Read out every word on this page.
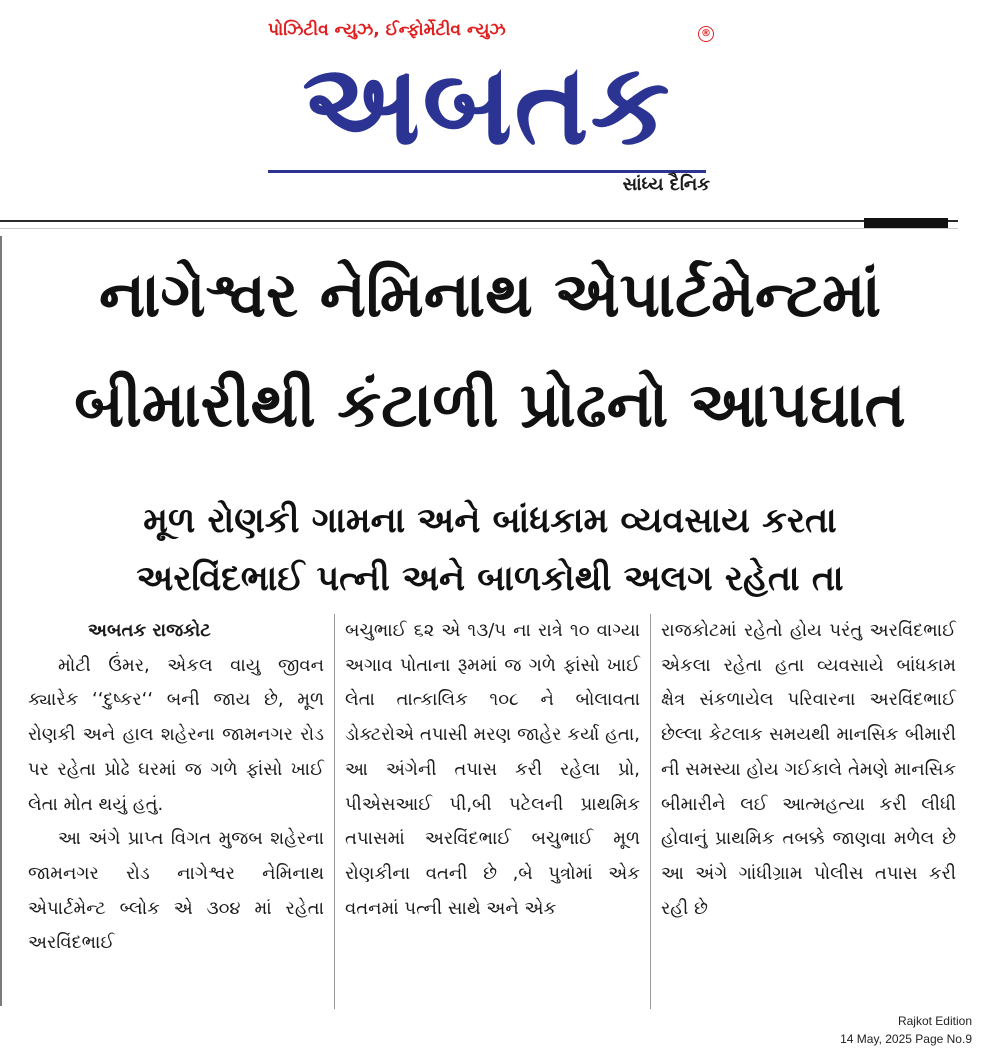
પોઝિટીવ ન્યુઝ, ઈન્ફોર્મેટીવ ન્યુઝ	®
અબતક
સાંધ્ય દૈનિક
નાગેશ્વર નેમિનાથ એપાર્ટમેન્ટમાં
બીમારીથી કંટાળી પ્રોઢનો આપઘાત
મૂળ રોણકી ગામના અને બાંધકામ વ્યવસાય કરતા
અરવિંદભાઈ પત્ની અને બાળકોથી અલગ રહેતા તા

અબતક રાજકોટ

મોટી ઉંમર, એકલ વાયુ જીવન ક્યારેક ‘‘દુષ્કર‘‘ બની જાય છે, મૂળ રોણકી અને હાલ શહેરના જામનગર રોડ પર રહેતા પ્રોઢે ઘરમાં જ ગળે ફાંસો ખાઈ લેતા મોત થયું હતું.

આ અંગે પ્રાપ્ત વિગત મુજબ શહેરના જામનગર રોડ નાગેશ્વર નેમિનાથ એપાર્ટમેન્ટ બ્લોક એ ૩૦૪ માં રહેતા અરવિંદભાઈ

બચુભાઈ ૬૨ એ ૧૩/૫ ના રાત્રે ૧૦ વાગ્યા અગાવ પોતાના રૂમમાં જ ગળે ફાંસો ખાઈ લેતા તાત્કાલિક ૧૦૮ ને બોલાવતા ડોક્ટરોએ તપાસી મરણ જાહેર કર્યા હતા, આ અંગેની તપાસ કરી રહેલા પ્રો, પીએસઆઈ પી,બી પટેલની પ્રાથમિક તપાસમાં અરવિંદભાઈ બચુભાઈ મૂળ રોણકીના વતની છે ,બે પુત્રોમાં એક વતનમાં પત્ની સાથે અને એક

રાજકોટમાં રહેતો હોય પરંતુ અરવિંદભાઈ એકલા રહેતા હતા વ્યવસાયે બાંધકામ ક્ષેત્ર સંકળાયેલ પરિવારના અરવિંદભાઈ છેલ્લા કેટલાક સમયથી માનસિક બીમારી ની સમસ્યા હોય ગઈકાલે તેમણે માનસિક બીમારીને લઈ આત્મહત્યા કરી લીધી હોવાનું પ્રાથમિક તબક્કે જાણવા મળેલ છે આ અંગે ગાંધીગ્રામ પોલીસ તપાસ કરી રહી છે

Rajkot Edition
14 May, 2025 Page No.9
